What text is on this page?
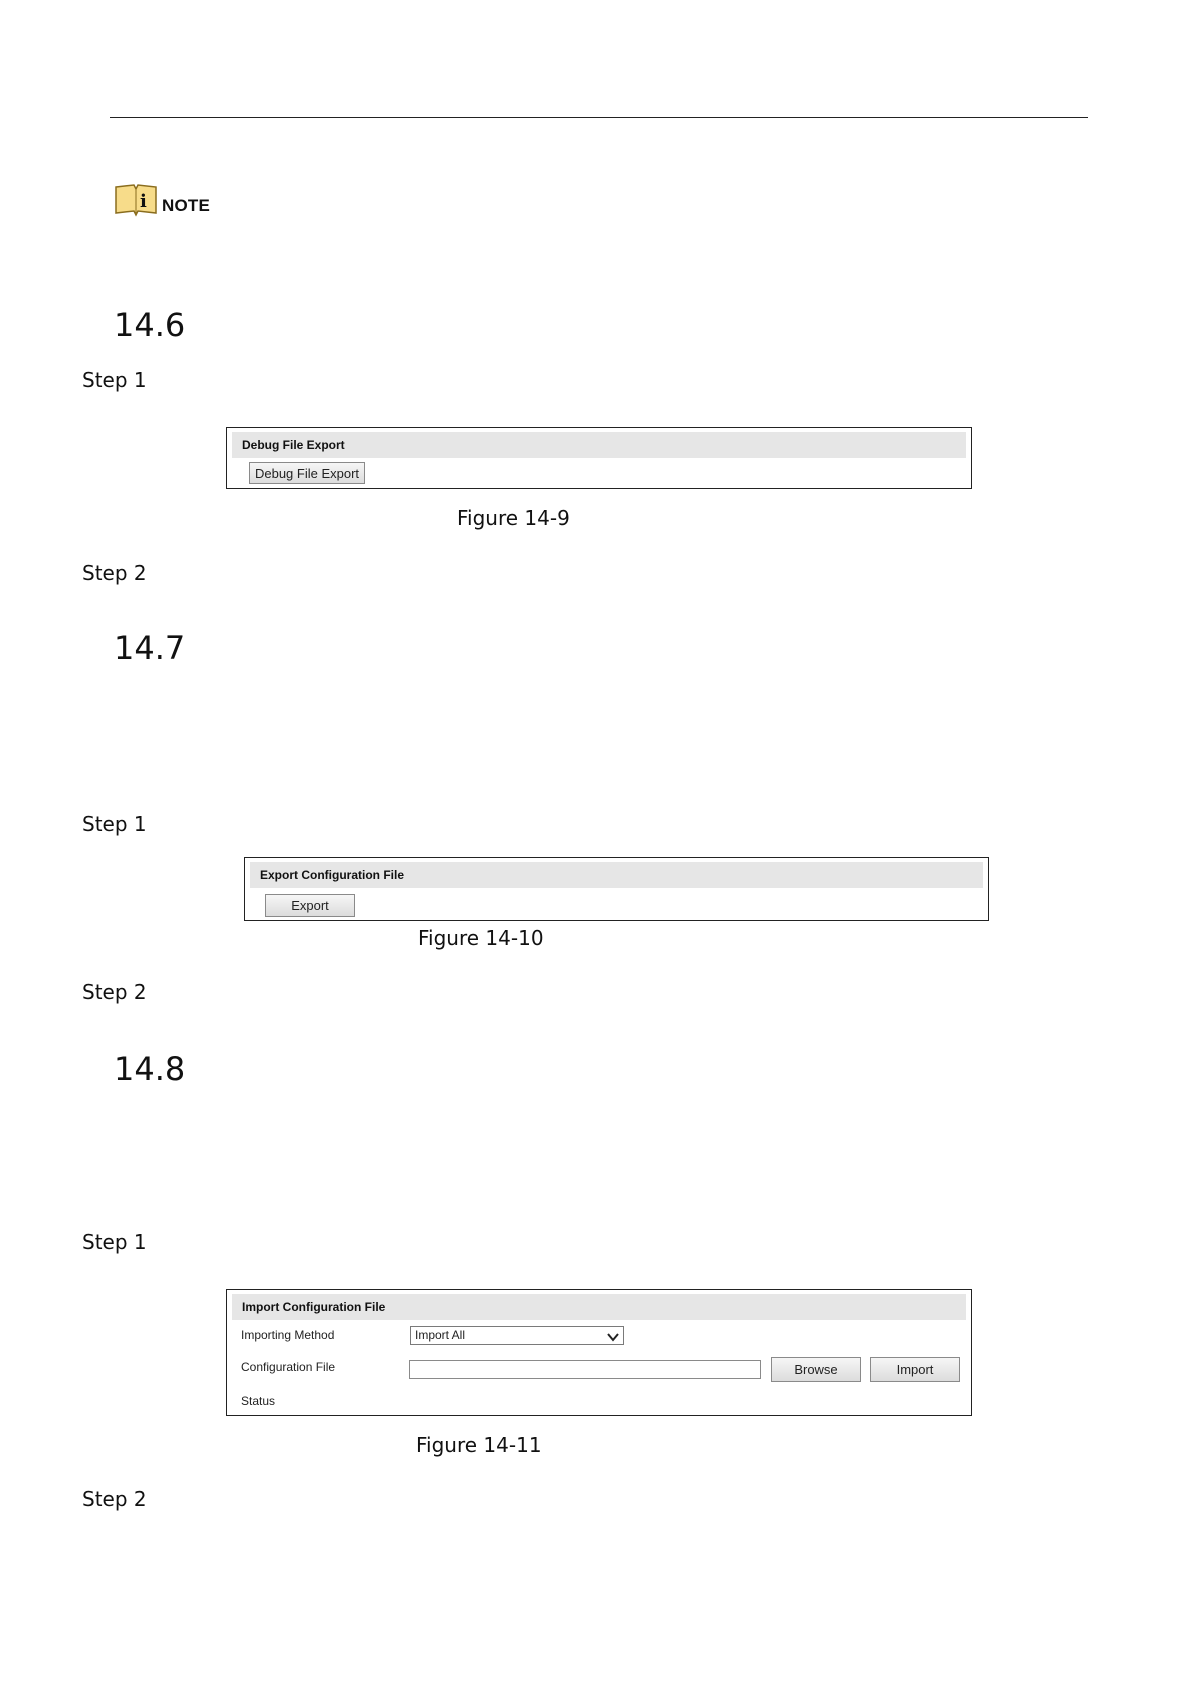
i NOTE
14.6
Step 1
Debug File Export
Debug File Export
Figure 14-9
Step 2
14.7
Step 1
Export Configuration File
Export
Figure 14-10
Step 2
14.8
Step 1
Import Configuration File
Importing Method	Import All
Configuration File	Browse	Import
Status
Figure 14-11
Step 2
